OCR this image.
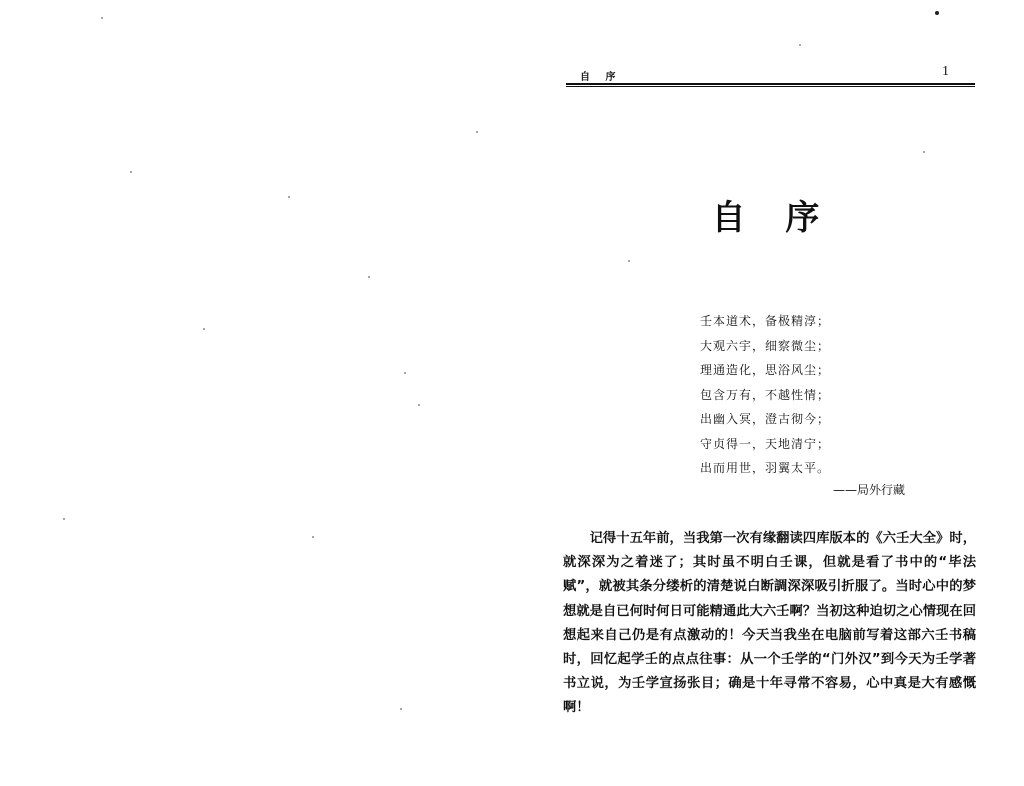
自 序	1
自 序
壬本道术，备极精淳；
大观六宇，细察微尘；
理通造化，思浴风尘；
包含万有，不越性情；
出幽入冥，澄古彻今；
守贞得一，天地清宁；
出而用世，羽翼太平。
——局外行藏

记得十五年前，当我第一次有缘翻读四库版本的《六壬大全》时，就深深为之着迷了；其时虽不明白壬课，但就是看了书中的“毕法赋”，就被其条分缕析的清楚说白断調深深吸引折服了。当时心中的梦想就是自已何时何日可能精通此大六壬啊？当初这种迫切之心情现在回想起来自己仍是有点激动的！今天当我坐在电脑前写着这部六壬书稿时，回忆起学壬的点点往事：从一个壬学的“门外汉”到今天为壬学著书立说，为壬学宣扬张目；确是十年寻常不容易，心中真是大有感慨啊！
